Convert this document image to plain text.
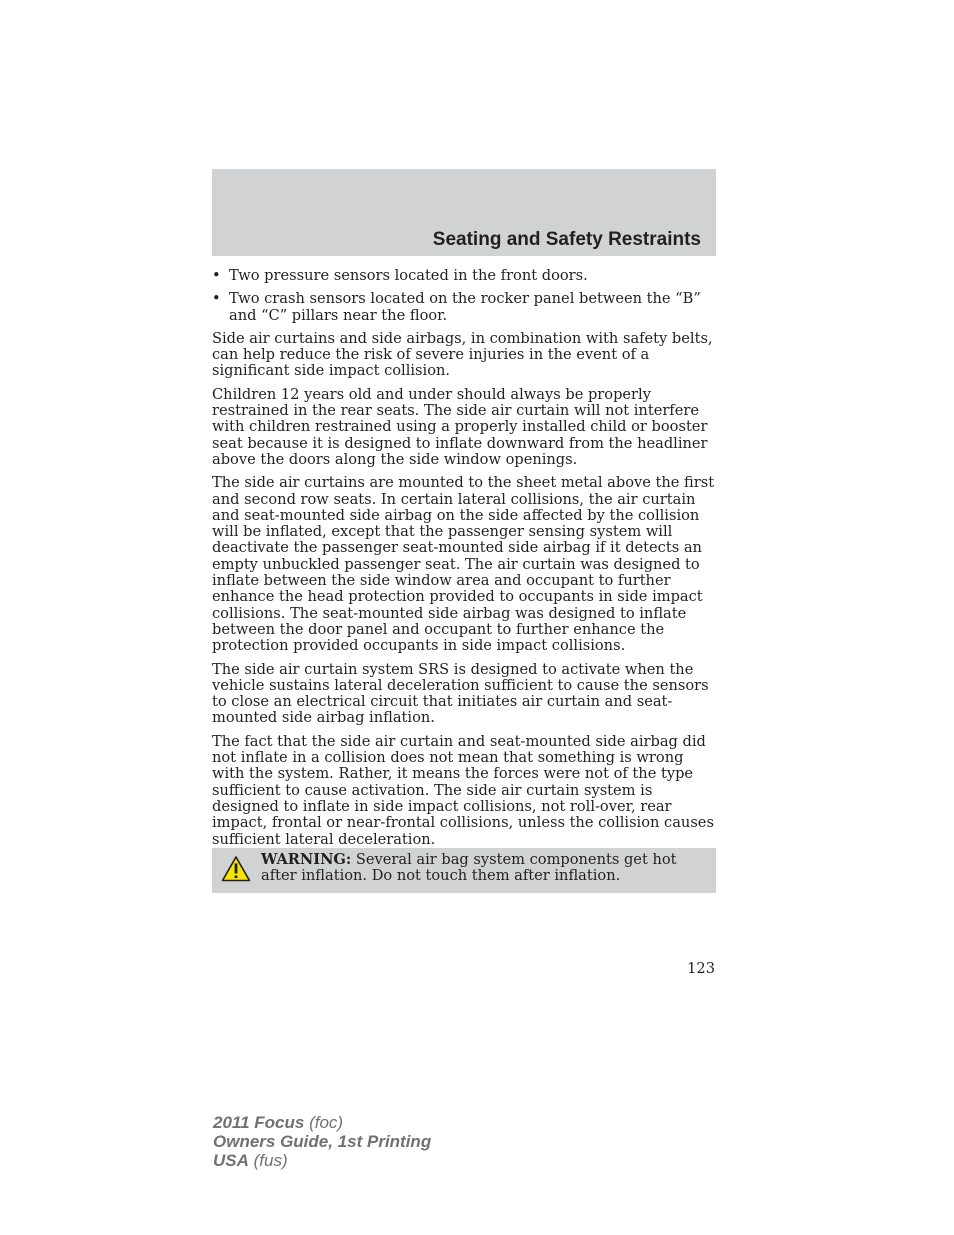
Seating and Safety Restraints
• Two pressure sensors located in the front doors.
• Two crash sensors located on the rocker panel between the “B” and “C” pillars near the floor.

Side air curtains and side airbags, in combination with safety belts, can help reduce the risk of severe injuries in the event of a significant side impact collision.

Children 12 years old and under should always be properly restrained in the rear seats. The side air curtain will not interfere with children restrained using a properly installed child or booster seat because it is designed to inflate downward from the headliner above the doors along the side window openings.

The side air curtains are mounted to the sheet metal above the first and second row seats. In certain lateral collisions, the air curtain and seat-mounted side airbag on the side affected by the collision will be inflated, except that the passenger sensing system will deactivate the passenger seat-mounted side airbag if it detects an empty unbuckled passenger seat. The air curtain was designed to inflate between the side window area and occupant to further enhance the head protection provided to occupants in side impact collisions. The seat-mounted side airbag was designed to inflate between the door panel and occupant to further enhance the protection provided occupants in side impact collisions.

The side air curtain system SRS is designed to activate when the vehicle sustains lateral deceleration sufficient to cause the sensors to close an electrical circuit that initiates air curtain and seat-mounted side airbag inflation.

The fact that the side air curtain and seat-mounted side airbag did not inflate in a collision does not mean that something is wrong with the system. Rather, it means the forces were not of the type sufficient to cause activation. The side air curtain system is designed to inflate in side impact collisions, not roll-over, rear impact, frontal or near-frontal collisions, unless the collision causes sufficient lateral deceleration.

WARNING: Several air bag system components get hot after inflation. Do not touch them after inflation.
123
2011 Focus (foc)
Owners Guide, 1st Printing
USA (fus)
